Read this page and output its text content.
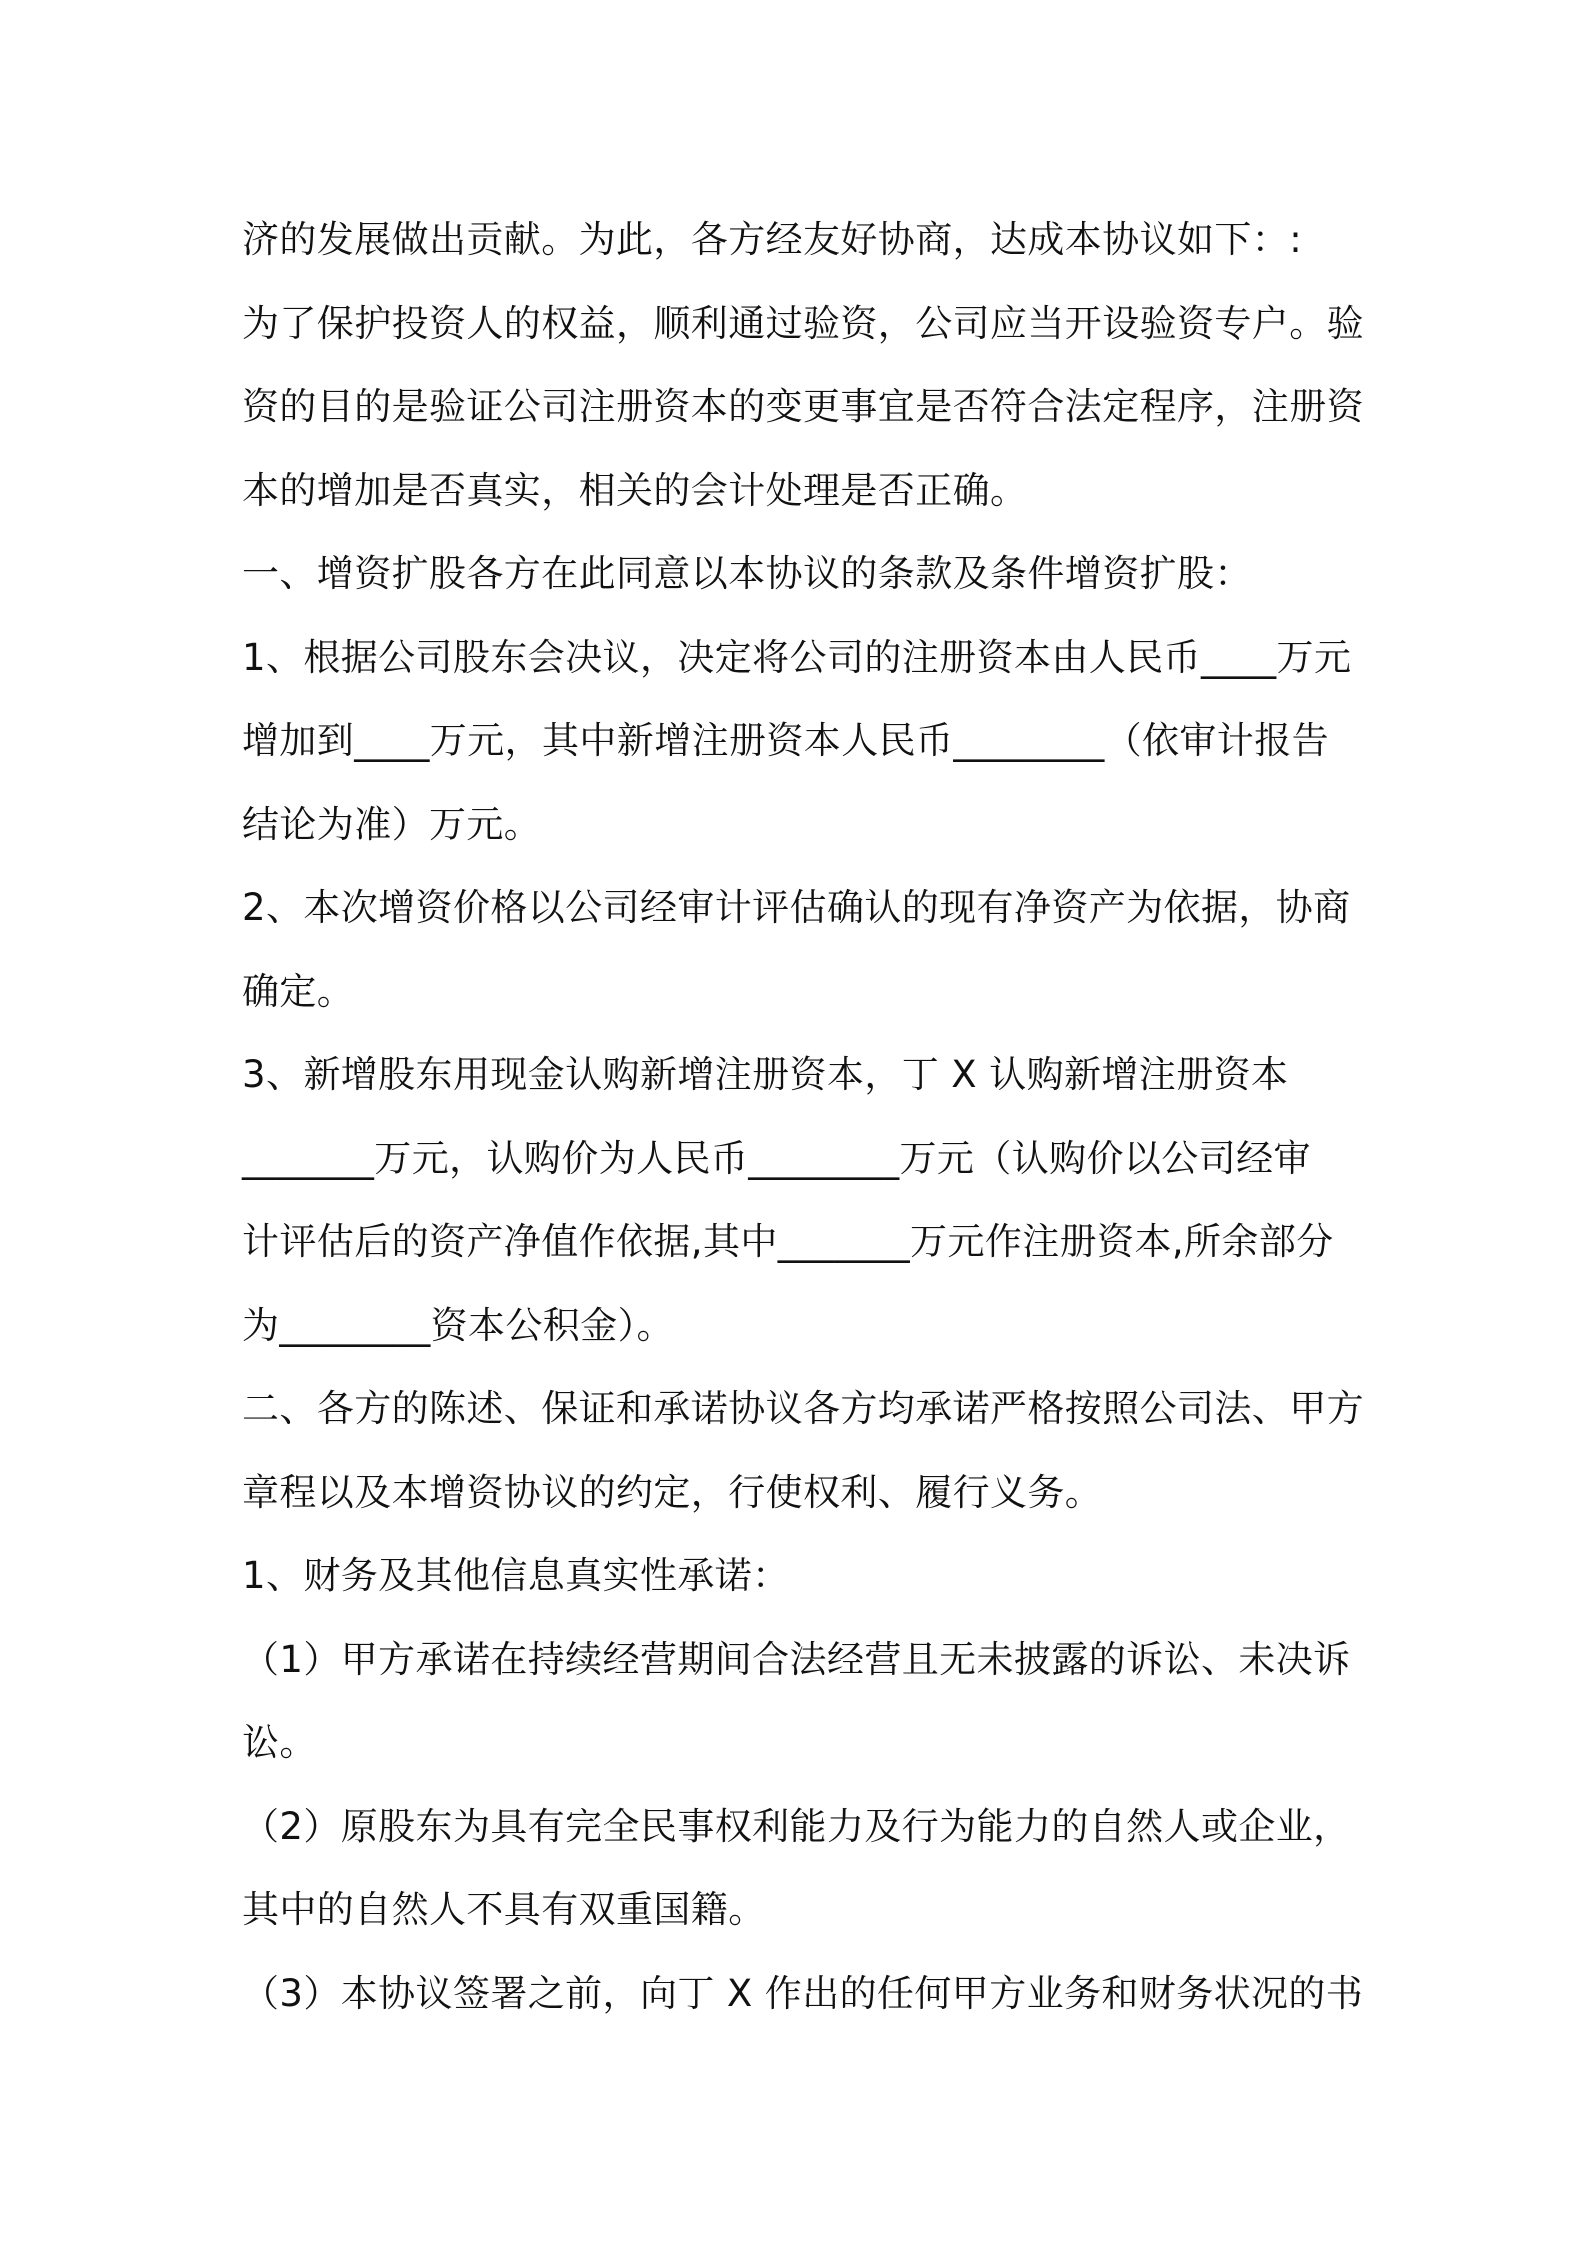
济的发展做出贡献。为此，各方经友好协商，达成本协议如下：:
为了保护投资人的权益，顺利通过验资，公司应当开设验资专户。验
资的目的是验证公司注册资本的变更事宜是否符合法定程序，注册资
本的增加是否真实，相关的会计处理是否正确。
一、增资扩股各方在此同意以本协议的条款及条件增资扩股：
1、根据公司股东会决议，决定将公司的注册资本由人民币____万元
增加到____万元，其中新增注册资本人民币________（依审计报告
结论为准）万元。
2、本次增资价格以公司经审计评估确认的现有净资产为依据，协商
确定。
3、新增股东用现金认购新增注册资本，丁 X 认购新增注册资本
_______万元，认购价为人民币________万元（认购价以公司经审
计评估后的资产净值作依据,其中_______万元作注册资本,所余部分
为________资本公积金）。
二、各方的陈述、保证和承诺协议各方均承诺严格按照公司法、甲方
章程以及本增资协议的约定，行使权利、履行义务。
1、财务及其他信息真实性承诺：
（1）甲方承诺在持续经营期间合法经营且无未披露的诉讼、未决诉
讼。
（2）原股东为具有完全民事权利能力及行为能力的自然人或企业，
其中的自然人不具有双重国籍。
（3）本协议签署之前，向丁 X 作出的任何甲方业务和财务状况的书
